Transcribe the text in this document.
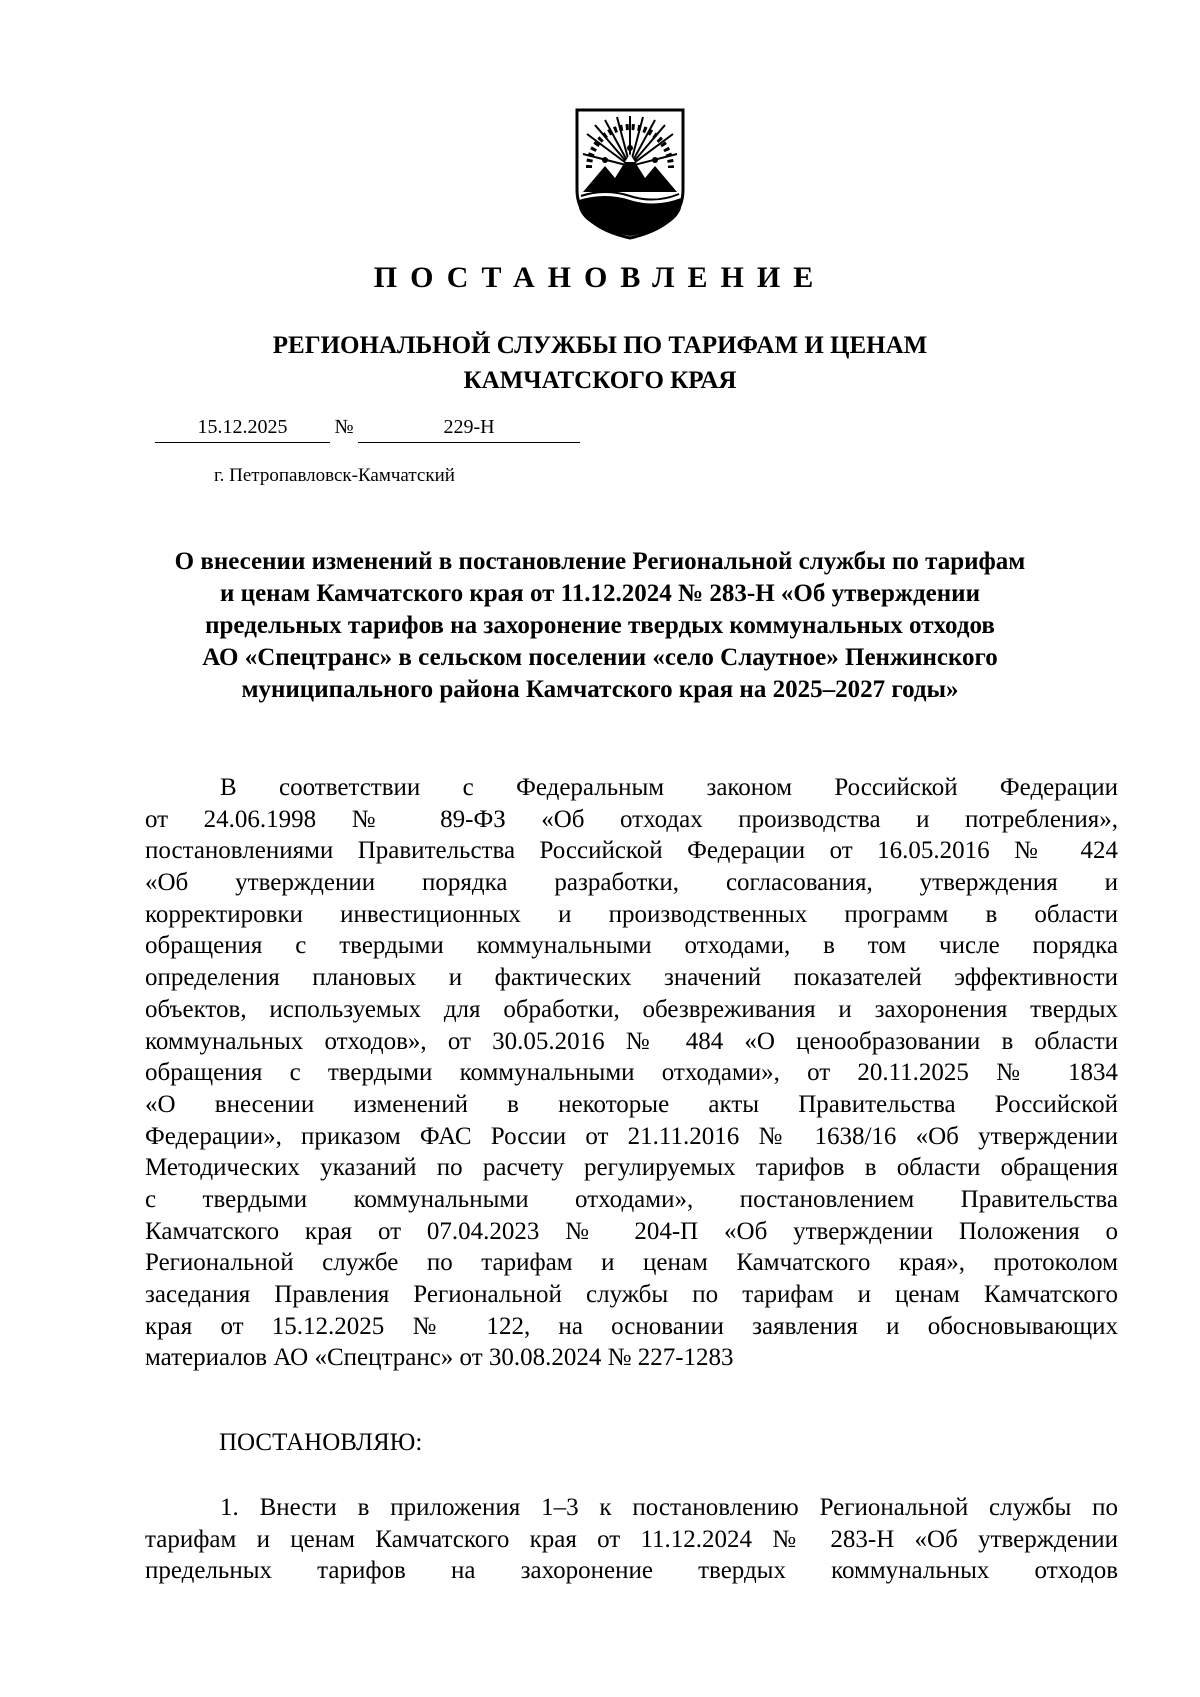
ПОСТАНОВЛЕНИЕ
РЕГИОНАЛЬНОЙ СЛУЖБЫ ПО ТАРИФАМ И ЦЕНАМ
КАМЧАТСКОГО КРАЯ
15.12.2025	№	229-Н
г. Петропавловск-Камчатский
О внесении изменений в постановление Региональной службы по тарифам
и ценам Камчатского края от 11.12.2024 № 283-Н «Об утверждении
предельных тарифов на захоронение твердых коммунальных отходов
АО «Спецтранс» в сельском поселении «село Слаутное» Пенжинского
муниципального района Камчатского края на 2025–2027 годы»
В соответствии с Федеральным законом Российской Федерации
от 24.06.1998 № 89-ФЗ «Об отходах производства и потребления»,
постановлениями Правительства Российской Федерации от 16.05.2016 № 424
«Об утверждении порядка разработки, согласования, утверждения и
корректировки инвестиционных и производственных программ в области
обращения с твердыми коммунальными отходами, в том числе порядка
определения плановых и фактических значений показателей эффективности
объектов, используемых для обработки, обезвреживания и захоронения твердых
коммунальных отходов», от 30.05.2016 № 484 «О ценообразовании в области
обращения с твердыми коммунальными отходами», от 20.11.2025 № 1834
«О внесении изменений в некоторые акты Правительства Российской
Федерации», приказом ФАС России от 21.11.2016 № 1638/16 «Об утверждении
Методических указаний по расчету регулируемых тарифов в области обращения
с твердыми коммунальными отходами», постановлением Правительства
Камчатского края от 07.04.2023 № 204-П «Об утверждении Положения о
Региональной службе по тарифам и ценам Камчатского края», протоколом
заседания Правления Региональной службы по тарифам и ценам Камчатского
края от 15.12.2025 № 122, на основании заявления и обосновывающих
материалов АО «Спецтранс» от 30.08.2024 № 227-1283
ПОСТАНОВЛЯЮ:
1. Внести в приложения 1–3 к постановлению Региональной службы по
тарифам и ценам Камчатского края от 11.12.2024 № 283-Н «Об утверждении
предельных тарифов на захоронение твердых коммунальных отходов
